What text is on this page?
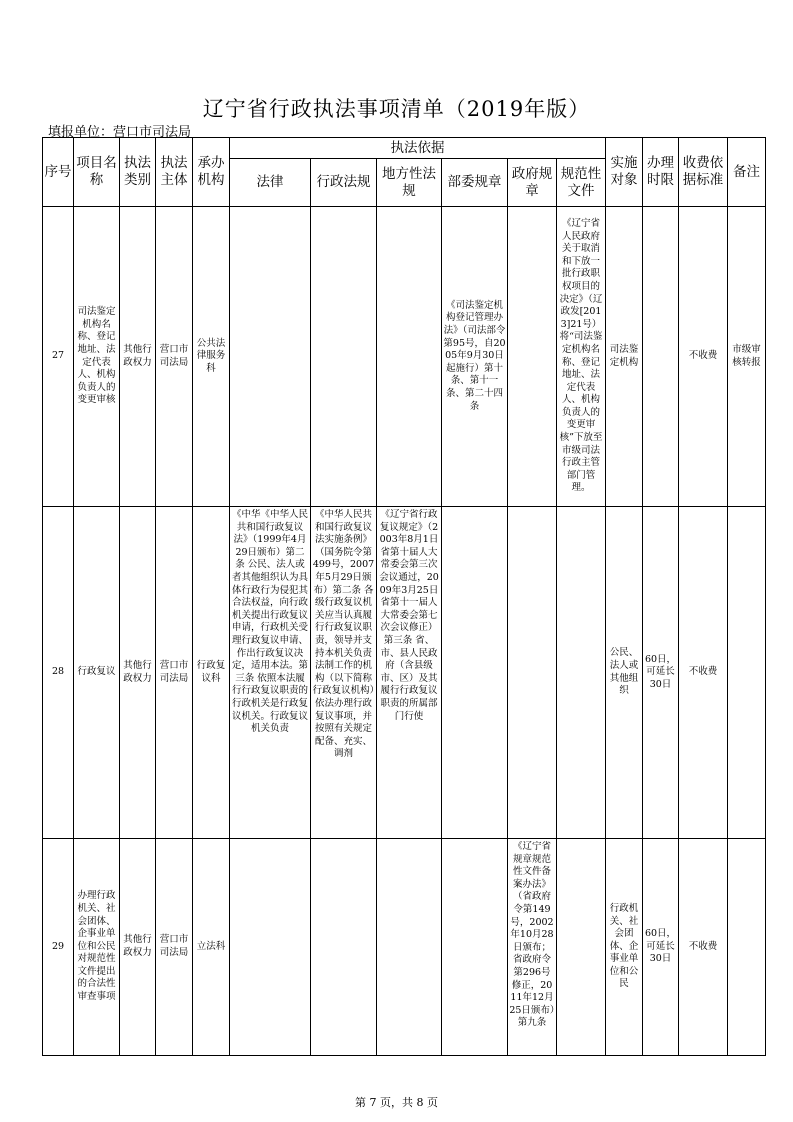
辽宁省行政执法事项清单（2019年版）
填报单位：营口市司法局
序号	项目名称	执法类别	执法主体	承办机构	执法依据						实施对象	办理时限	收费依据标准	备注
					法律	行政法规	地方性法规	部委规章	政府规章	规范性文件				
27	司法鉴定机构名称、登记地址、法定代表人、机构负责人的变更审核	其他行政权力	营口市司法局	公共法律服务科				《司法鉴定机构登记管理办法》（司法部令第95号，自2005年9月30日起施行）第十条、第十一条、第二十四条		《辽宁省人民政府关于取消和下放一批行政职权项目的决定》（辽政发[2013]21号）将“司法鉴定机构名称、登记地址、法定代表人、机构负责人的变更审核”下放至市级司法行政主管部门管理。	司法鉴定机构		不收费	市级审核转报
28	行政复议	其他行政权力	营口市司法局	行政复议科	《中华《中华人民共和国行政复议法》（1999年4月29日颁布）第二条 公民、法人或者其他组织认为具体行政行为侵犯其合法权益，向行政机关提出行政复议申请，行政机关受理行政复议申请、作出行政复议决定，适用本法。第三条 依照本法履行行政复议职责的行政机关是行政复议机关。行政复议机关负责	《中华人民共和国行政复议法实施条例》（国务院令第499号，2007年5月29日颁布）第二条 各级行政复议机关应当认真履行行政复议职责，领导并支持本机关负责法制工作的机构（以下简称行政复议机构）依法办理行政复议事项，并按照有关规定配备、充实、调剂	《辽宁省行政复议规定》（2003年8月1日省第十届人大常委会第三次会议通过，2009年3月25日省第十一届人大常委会第七次会议修正）第三条 省、市、县人民政府（含县级市、区）及其履行行政复议职责的所属部门行使				公民、法人或其他组织	60日，可延长30日	不收费	
29	办理行政机关、社会团体、企事业单位和公民对规范性文件提出的合法性审查事项	其他行政权力	营口市司法局	立法科					《辽宁省规章规范性文件备案办法》（省政府令第149号，2002年10月28日颁布；省政府令第296号修正，2011年12月25日颁布）第九条		行政机关、社会团体、企事业单位和公民	60日，可延长30日	不收费	
第 7 页，共 8 页
